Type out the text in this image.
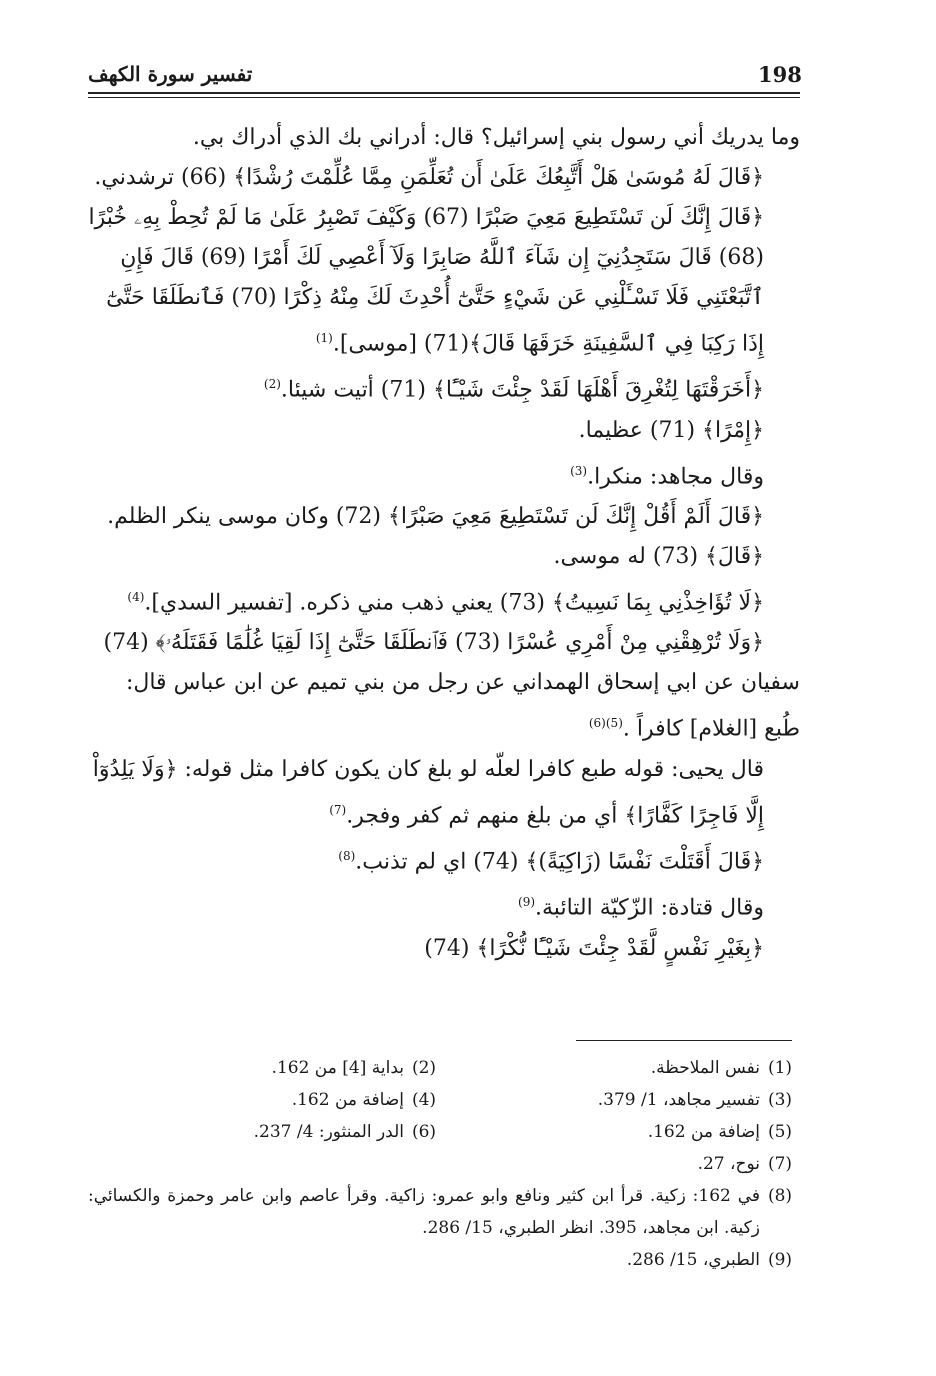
198
تفسير سورة الكهف

وما يدريك أني رسول بني إسرائيل؟ قال: أدراني بك الذي أدراك بي.

﴿قَالَ لَهُ مُوسَىٰ هَلْ أَتَّبِعُكَ عَلَىٰ أَن تُعَلِّمَنِ مِمَّا عُلِّمْتَ رُشْدًا﴾ (66) ترشدني.

﴿قَالَ إِنَّكَ لَن تَسْتَطِيعَ مَعِيَ صَبْرًا (67) وَكَيْفَ تَصْبِرُ عَلَىٰ مَا لَمْ تُحِطْ بِهِۦ خُبْرًا (68) قَالَ سَتَجِدُنِيٓ إِن شَآءَ ٱللَّهُ صَابِرًا وَلَآ أَعْصِي لَكَ أَمْرًا (69) قَالَ فَإِنِ ٱتَّبَعْتَنِي فَلَا تَسْـَٔلْنِي عَن شَيْءٍ حَتَّىٰٓ أُحْدِثَ لَكَ مِنْهُ ذِكْرًا (70) فَٱنطَلَقَا حَتَّىٰٓ إِذَا رَكِبَا فِي ٱلسَّفِينَةِ خَرَقَهَا قَالَ﴾(71) [موسى].$^{(1)}$

﴿أَخَرَقْتَهَا لِتُغْرِقَ أَهْلَهَا لَقَدْ جِئْتَ شَيْـًٔا﴾ (71) أتيت شيئا.$^{(2)}$

﴿إِمْرًا﴾ (71) عظيما.

وقال مجاهد: منكرا.$^{(3)}$

﴿قَالَ أَلَمْ أَقُلْ إِنَّكَ لَن تَسْتَطِيعَ مَعِيَ صَبْرًا﴾ (72) وكان موسى ينكر الظلم.

﴿قَالَ﴾ (73) له موسى.

﴿لَا تُؤَاخِذْنِي بِمَا نَسِيتُ﴾ (73) يعني ذهب مني ذكره. [تفسير السدي].$^{(4)}$

﴿وَلَا تُرْهِقْنِي مِنْ أَمْرِي عُسْرًا (73) فَٱنطَلَقَا حَتَّىٰٓ إِذَا لَقِيَا غُلَٰمًا فَقَتَلَهُۥ﴾ (74)

سفيان عن ابي إسحاق الهمداني عن رجل من بني تميم عن ابن عباس قال: طُبع [الغلام] كافراً .$^{(5)(6)}$

قال يحيى: قوله طبع كافرا لعلّه لو بلغ كان يكون كافرا مثل قوله: ﴿وَلَا يَلِدُوٓاْ إِلَّا فَاجِرًا كَفَّارًا﴾ أي من بلغ منهم ثم كفر وفجر.$^{(7)}$

﴿قَالَ أَقَتَلْتَ نَفْسًا (زَاكِيَةً)﴾ (74) اي لم تذنب.$^{(8)}$

وقال قتادة: الزّكيّة التائبة.$^{(9)}$

﴿بِغَيْرِ نَفْسٍ لَّقَدْ جِئْتَ شَيْـًٔا نُّكْرًا﴾ (74)

(1)
نفس الملاحظة.
(2)
بداية [4] من 162.
(3)
تفسير مجاهد، 1/ 379.
(4)
إضافة من 162.
(5)
إضافة من 162.
(6)
الدر المنثور: 4/ 237.
(7)
نوح، 27.
(8)
في 162: زكية. قرأ ابن كثير ونافع وابو عمرو: زاكية. وقرأ عاصم وابن عامر وحمزة والكسائي: زكية. ابن مجاهد، 395. انظر الطبري، 15/ 286.
(9)
الطبري، 15/ 286.
